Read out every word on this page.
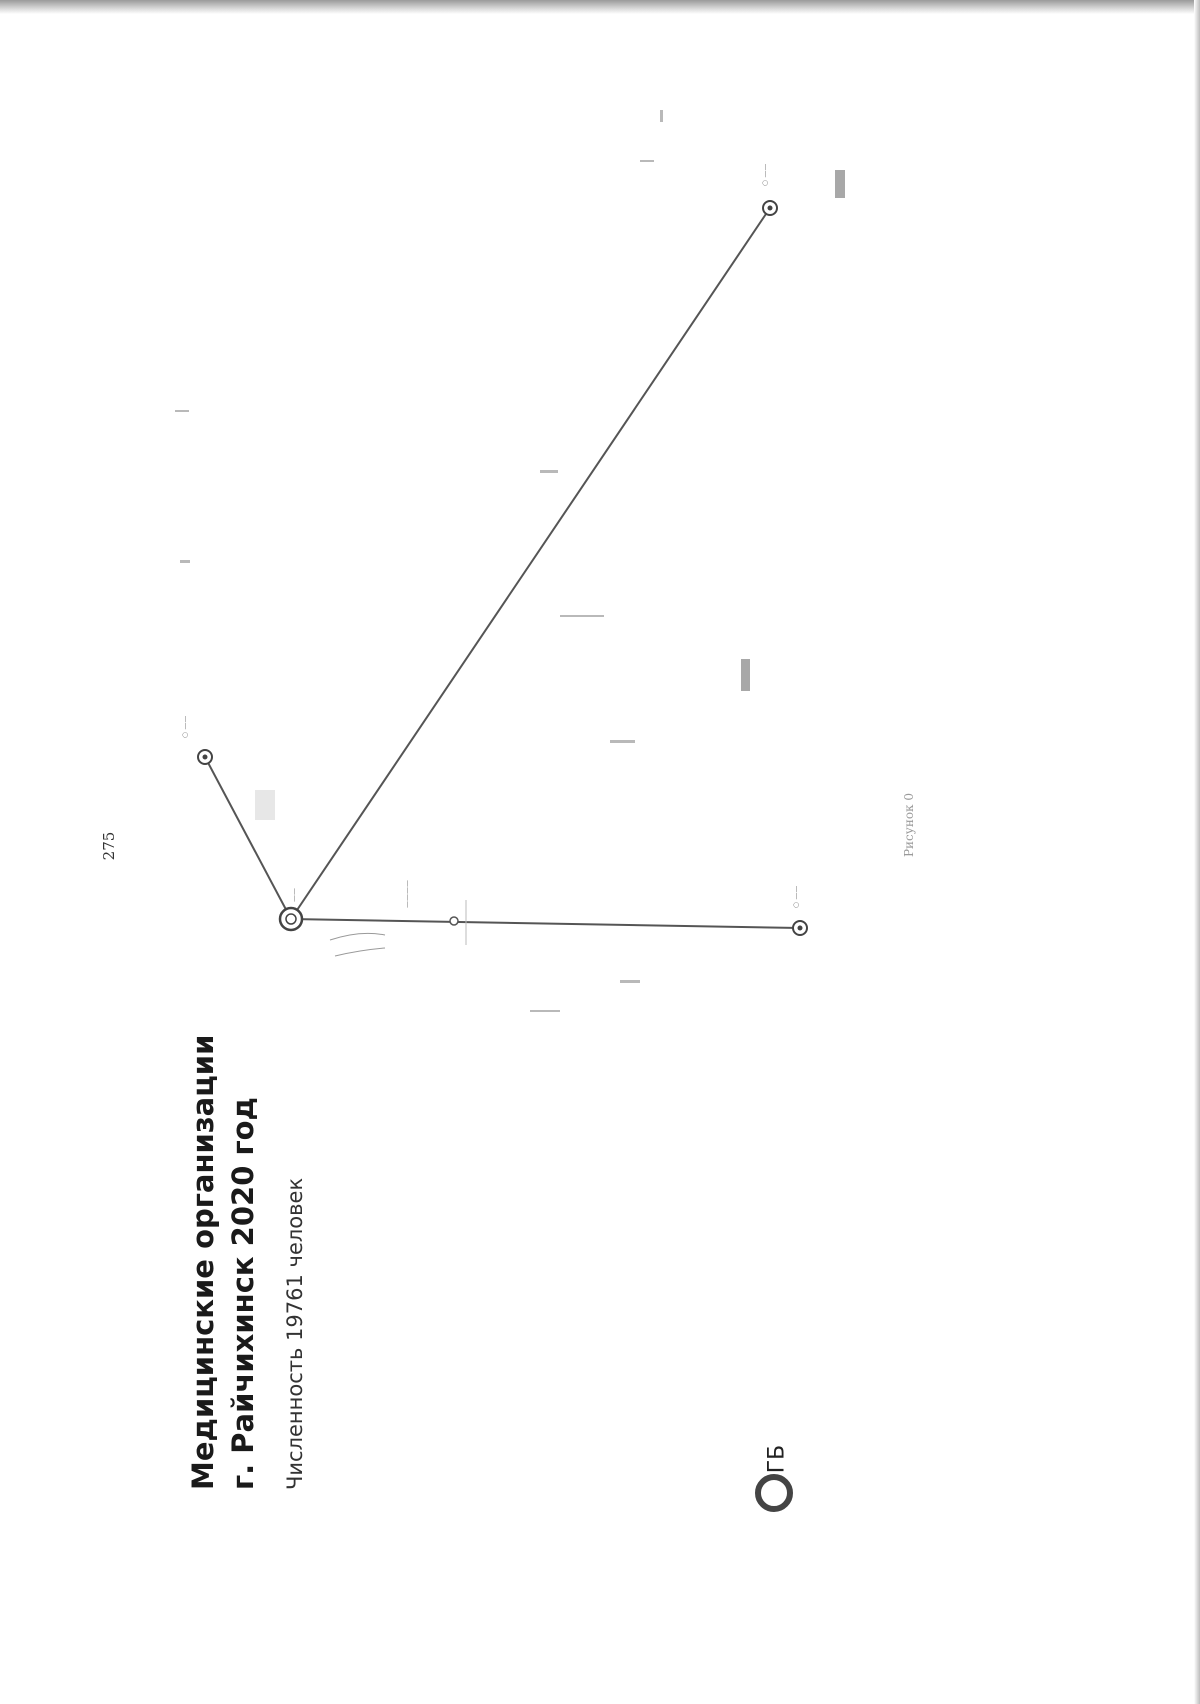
275
Медицинские организации г. Райчихинск 2020 год Численность 19761 человек
○ ——
○ ——
○ ——
——	————
Рисунок 0
ГБ
